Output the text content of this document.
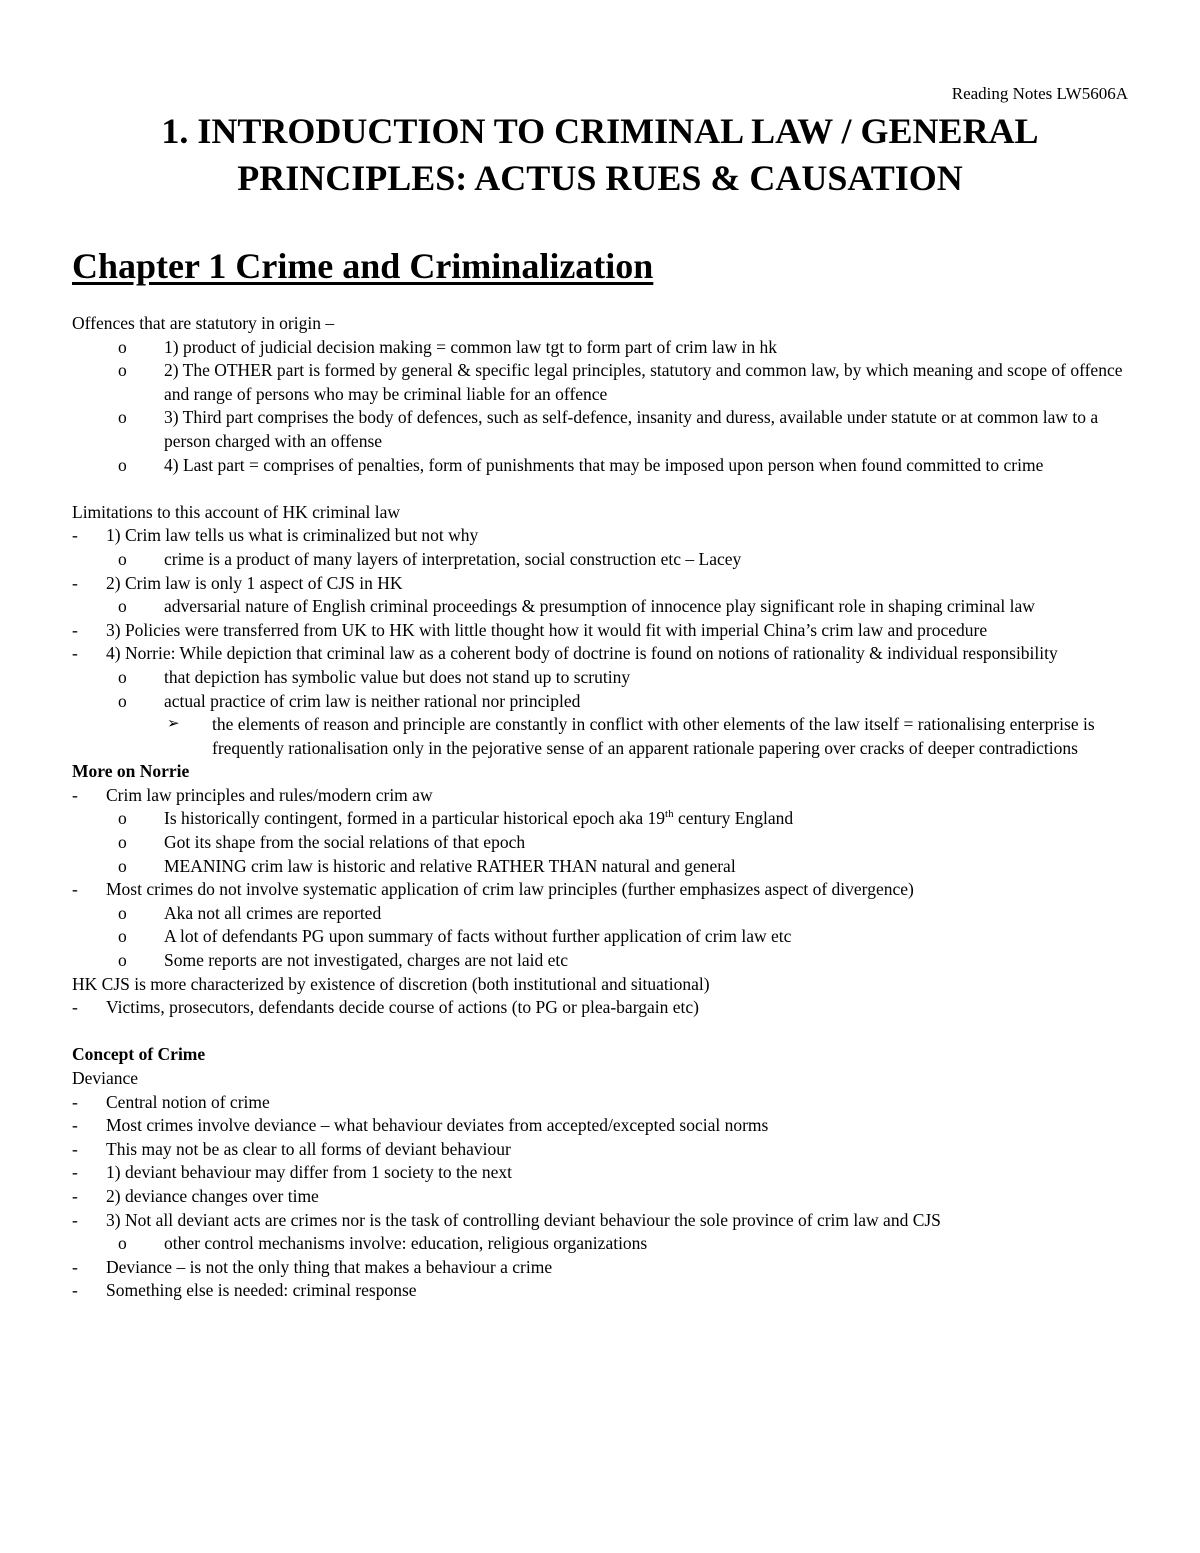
Reading Notes LW5606A
1. INTRODUCTION TO CRIMINAL LAW / GENERAL
PRINCIPLES: ACTUS RUES & CAUSATION
Chapter 1 Crime and Criminalization
Offences that are statutory in origin –
o 1) product of judicial decision making = common law tgt to form part of crim law in hk
o 2) The OTHER part is formed by general & specific legal principles, statutory and common law, by which meaning and scope of offence and range of persons who may be criminal liable for an offence
o 3) Third part comprises the body of defences, such as self-defence, insanity and duress, available under statute or at common law to a person charged with an offense
o 4) Last part = comprises of penalties, form of punishments that may be imposed upon person when found committed to crime
Limitations to this account of HK criminal law
- 1) Crim law tells us what is criminalized but not why
o crime is a product of many layers of interpretation, social construction etc – Lacey
- 2) Crim law is only 1 aspect of CJS in HK
o adversarial nature of English criminal proceedings & presumption of innocence play significant role in shaping criminal law
- 3) Policies were transferred from UK to HK with little thought how it would fit with imperial China’s crim law and procedure
- 4) Norrie: While depiction that criminal law as a coherent body of doctrine is found on notions of rationality & individual responsibility
o that depiction has symbolic value but does not stand up to scrutiny
o actual practice of crim law is neither rational nor principled
➢ the elements of reason and principle are constantly in conflict with other elements of the law itself = rationalising enterprise is frequently rationalisation only in the pejorative sense of an apparent rationale papering over cracks of deeper contradictions
More on Norrie
- Crim law principles and rules/modern crim aw
o Is historically contingent, formed in a particular historical epoch aka 19th century England
o Got its shape from the social relations of that epoch
o MEANING crim law is historic and relative RATHER THAN natural and general
- Most crimes do not involve systematic application of crim law principles (further emphasizes aspect of divergence)
o Aka not all crimes are reported
o A lot of defendants PG upon summary of facts without further application of crim law etc
o Some reports are not investigated, charges are not laid etc
HK CJS is more characterized by existence of discretion (both institutional and situational)
- Victims, prosecutors, defendants decide course of actions (to PG or plea-bargain etc)
Concept of Crime
Deviance
- Central notion of crime
- Most crimes involve deviance – what behaviour deviates from accepted/excepted social norms
- This may not be as clear to all forms of deviant behaviour
- 1) deviant behaviour may differ from 1 society to the next
- 2) deviance changes over time
- 3) Not all deviant acts are crimes nor is the task of controlling deviant behaviour the sole province of crim law and CJS
o other control mechanisms involve: education, religious organizations
- Deviance – is not the only thing that makes a behaviour a crime
- Something else is needed: criminal response
